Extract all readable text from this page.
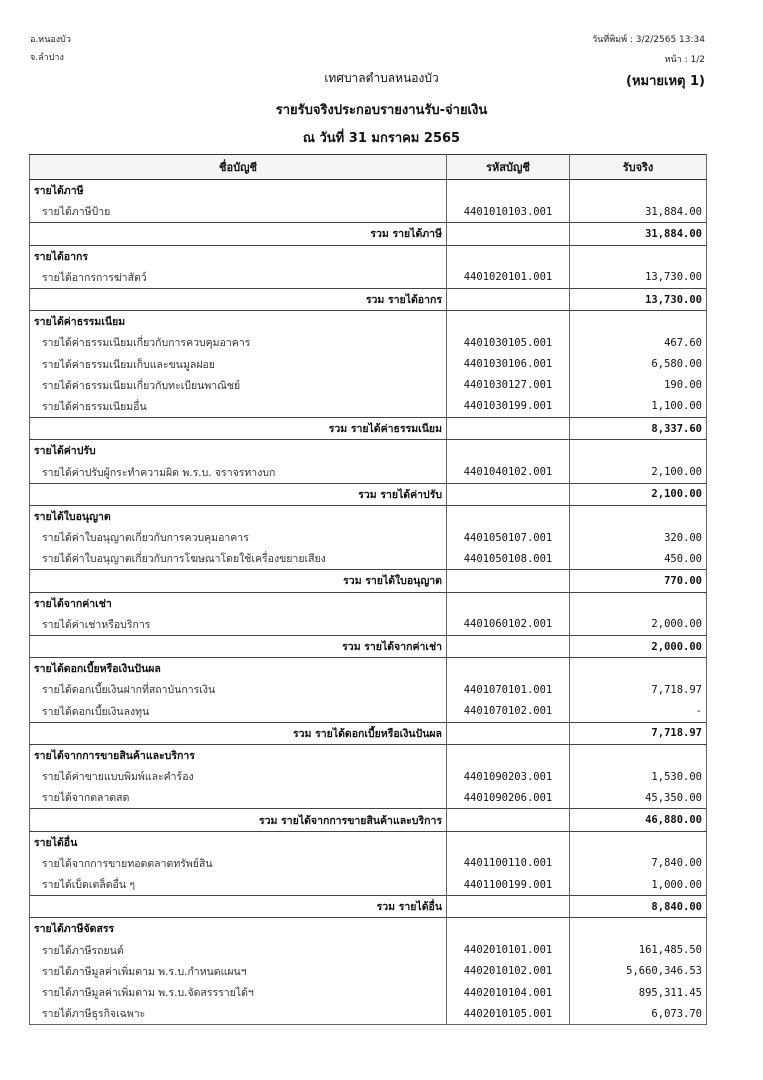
อ.หนองบัว
จ.ลำปาง
วันที่พิมพ์ : 3/2/2565 13:34
หน้า : 1/2
เทศบาลตำบลหนองบัว	(หมายเหตุ 1)
รายรับจริงประกอบรายงานรับ-จ่ายเงิน
ณ วันที่ 31 มกราคม 2565
ชื่อบัญชี	รหัสบัญชี	รับจริง
รายได้ภาษี		
รายได้ภาษีป้าย	4401010103.001	31,884.00
รวม รายได้ภาษี		31,884.00
รายได้อากร		
รายได้อากรการฆ่าสัตว์	4401020101.001	13,730.00
รวม รายได้อากร		13,730.00
รายได้ค่าธรรมเนียม		
รายได้ค่าธรรมเนียมเกี่ยวกับการควบคุมอาคาร	4401030105.001	467.60
รายได้ค่าธรรมเนียมเก็บและขนมูลฝอย	4401030106.001	6,580.00
รายได้ค่าธรรมเนียมเกี่ยวกับทะเบียนพาณิชย์	4401030127.001	190.00
รายได้ค่าธรรมเนียมอื่น	4401030199.001	1,100.00
รวม รายได้ค่าธรรมเนียม		8,337.60
รายได้ค่าปรับ		
รายได้ค่าปรับผู้กระทำความผิด พ.ร.บ. จราจรทางบก	4401040102.001	2,100.00
รวม รายได้ค่าปรับ		2,100.00
รายได้ใบอนุญาต		
รายได้ค่าใบอนุญาตเกี่ยวกับการควบคุมอาคาร	4401050107.001	320.00
รายได้ค่าใบอนุญาตเกี่ยวกับการโฆษณาโดยใช้เครื่องขยายเสียง	4401050108.001	450.00
รวม รายได้ใบอนุญาต		770.00
รายได้จากค่าเช่า		
รายได้ค่าเช่าหรือบริการ	4401060102.001	2,000.00
รวม รายได้จากค่าเช่า		2,000.00
รายได้ดอกเบี้ยหรือเงินปันผล		
รายได้ดอกเบี้ยเงินฝากที่สถาบันการเงิน	4401070101.001	7,718.97
รายได้ดอกเบี้ยเงินลงทุน	4401070102.001	-
รวม รายได้ดอกเบี้ยหรือเงินปันผล		7,718.97
รายได้จากการขายสินค้าและบริการ		
รายได้ค่าขายแบบพิมพ์และคำร้อง	4401090203.001	1,530.00
รายได้จากตลาดสด	4401090206.001	45,350.00
รวม รายได้จากการขายสินค้าและบริการ		46,880.00
รายได้อื่น		
รายได้จากการขายทอดตลาดทรัพย์สิน	4401100110.001	7,840.00
รายได้เบ็ดเตล็ดอื่น ๆ	4401100199.001	1,000.00
รวม รายได้อื่น		8,840.00
รายได้ภาษีจัดสรร		
รายได้ภาษีรถยนต์	4402010101.001	161,485.50
รายได้ภาษีมูลค่าเพิ่มตาม พ.ร.บ.กำหนดแผนฯ	4402010102.001	5,660,346.53
รายได้ภาษีมูลค่าเพิ่มตาม พ.ร.บ.จัดสรรรายได้ฯ	4402010104.001	895,311.45
รายได้ภาษีธุรกิจเฉพาะ	4402010105.001	6,073.70
